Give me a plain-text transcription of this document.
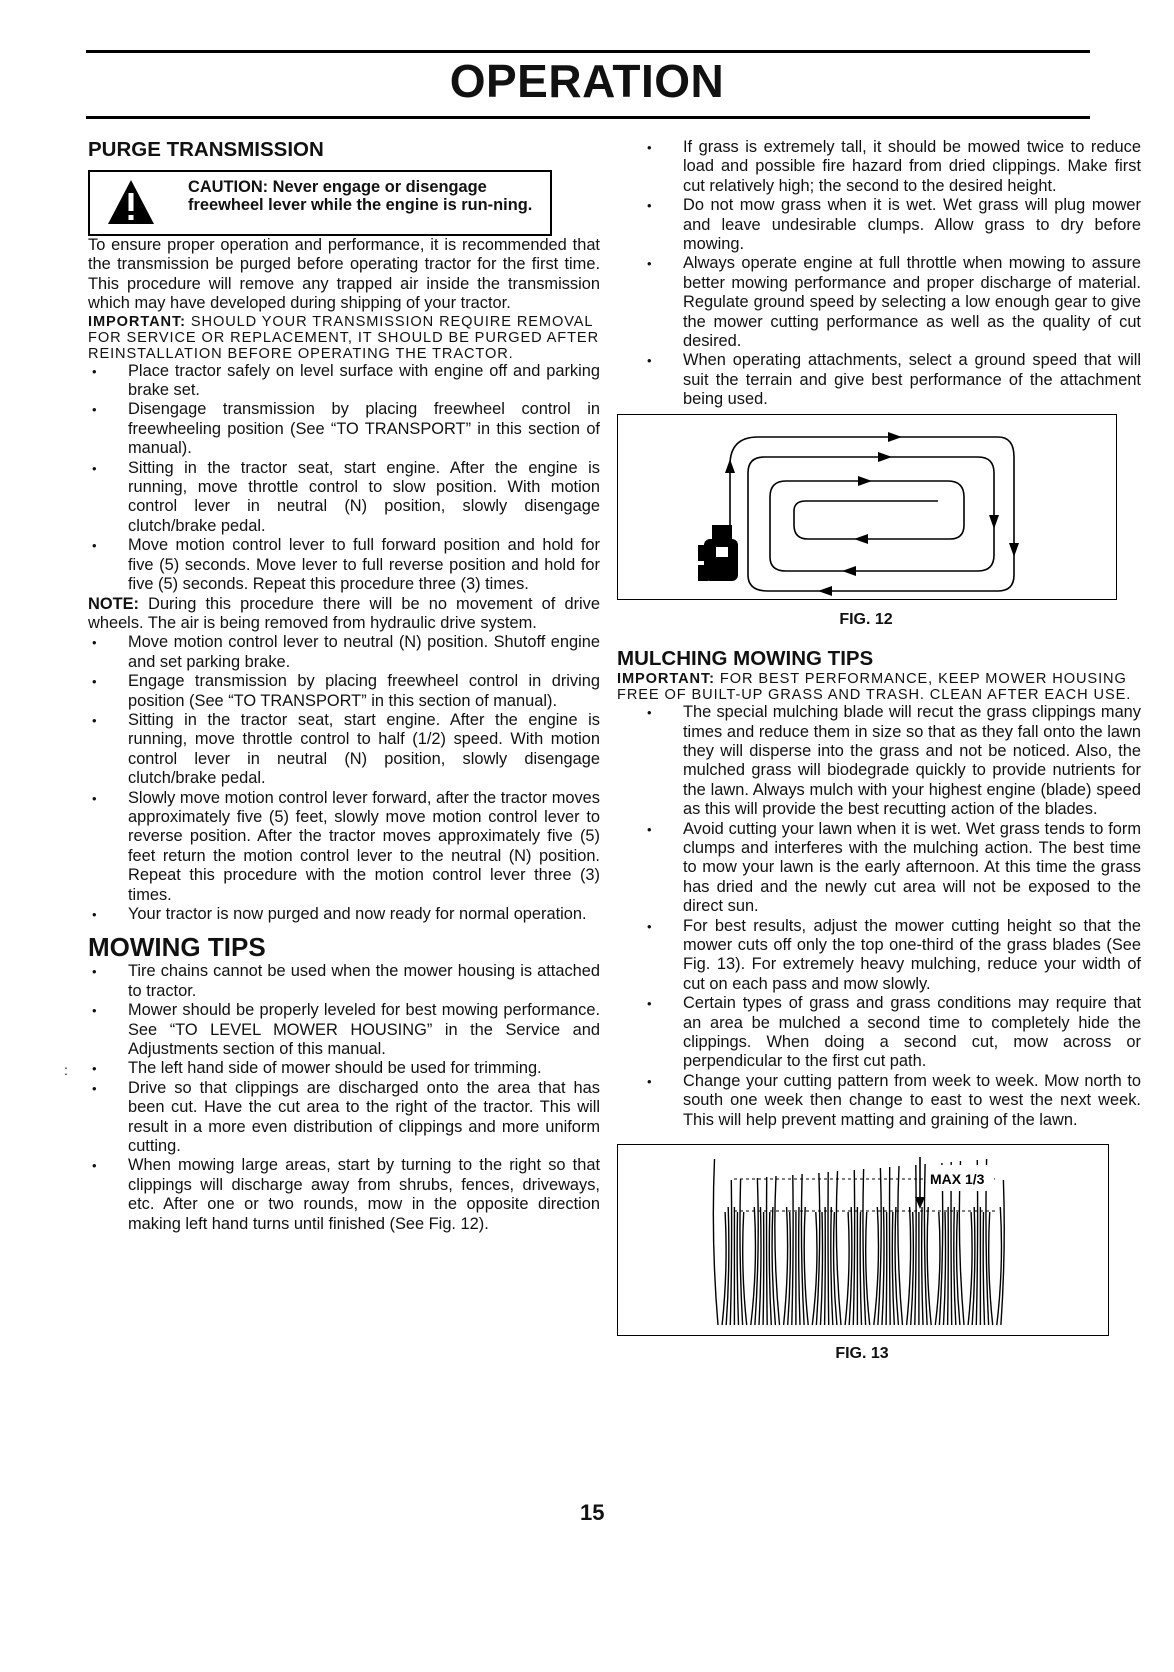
OPERATION
PURGE TRANSMISSION
CAUTION: Never engage or disengage freewheel lever while the engine is run-ning.

To ensure proper operation and performance, it is recommended that the transmission be purged before operating tractor for the first time. This procedure will remove any trapped air inside the transmission which may have developed during shipping of your tractor.

IMPORTANT: SHOULD YOUR TRANSMISSION REQUIRE REMOVAL FOR SERVICE OR REPLACEMENT, IT SHOULD BE PURGED AFTER REINSTALLATION BEFORE OPERATING THE TRACTOR.

• Place tractor safely on level surface with engine off and parking brake set.
• Disengage transmission by placing freewheel control in freewheeling position (See “TO TRANSPORT” in this section of manual).
• Sitting in the tractor seat, start engine. After the engine is running, move throttle control to slow position. With motion control lever in neutral (N) position, slowly disengage clutch/brake pedal.
• Move motion control lever to full forward position and hold for five (5) seconds. Move lever to full reverse position and hold for five (5) seconds. Repeat this procedure three (3) times.

NOTE: During this procedure there will be no movement of drive wheels. The air is being removed from hydraulic drive system.

• Move motion control lever to neutral (N) position. Shutoff engine and set parking brake.
• Engage transmission by placing freewheel control in driving position (See “TO TRANSPORT” in this section of manual).
• Sitting in the tractor seat, start engine. After the engine is running, move throttle control to half (1/2) speed. With motion control lever in neutral (N) position, slowly disengage clutch/brake pedal.
• Slowly move motion control lever forward, after the tractor moves approximately five (5) feet, slowly move motion control lever to reverse position. After the tractor moves approximately five (5) feet return the motion control lever to the neutral (N) position. Repeat this procedure with the motion control lever three (3) times.
• Your tractor is now purged and now ready for normal operation.
MOWING TIPS
• Tire chains cannot be used when the mower housing is attached to tractor.
• Mower should be properly leveled for best mowing performance. See “TO LEVEL MOWER HOUSING” in the Service and Adjustments section of this manual.
• The left hand side of mower should be used for trimming.
• Drive so that clippings are discharged onto the area that has been cut. Have the cut area to the right of the tractor. This will result in a more even distribution of clippings and more uniform cutting.
• When mowing large areas, start by turning to the right so that clippings will discharge away from shrubs, fences, driveways, etc. After one or two rounds, mow in the opposite direction making left hand turns until finished (See Fig. 12).
• If grass is extremely tall, it should be mowed twice to reduce load and possible fire hazard from dried clippings. Make first cut relatively high; the second to the desired height.
• Do not mow grass when it is wet. Wet grass will plug mower and leave undesirable clumps. Allow grass to dry before mowing.
• Always operate engine at full throttle when mowing to assure better mowing performance and proper discharge of material. Regulate ground speed by selecting a low enough gear to give the mower cutting performance as well as the quality of cut desired.
• When operating attachments, select a ground speed that will suit the terrain and give best performance of the attachment being used.
FIG. 12
MULCHING MOWING TIPS

IMPORTANT: FOR BEST PERFORMANCE, KEEP MOWER HOUSING FREE OF BUILT-UP GRASS AND TRASH. CLEAN AFTER EACH USE.

• The special mulching blade will recut the grass clippings many times and reduce them in size so that as they fall onto the lawn they will disperse into the grass and not be noticed. Also, the mulched grass will biodegrade quickly to provide nutrients for the lawn. Always mulch with your highest engine (blade) speed as this will provide the best recutting action of the blades.
• Avoid cutting your lawn when it is wet. Wet grass tends to form clumps and interferes with the mulching action. The best time to mow your lawn is the early afternoon. At this time the grass has dried and the newly cut area will not be exposed to the direct sun.
• For best results, adjust the mower cutting height so that the mower cuts off only the top one-third of the grass blades (See Fig. 13). For extremely heavy mulching, reduce your width of cut on each pass and mow slowly.
• Certain types of grass and grass conditions may require that an area be mulched a second time to completely hide the clippings. When doing a second cut, mow across or perpendicular to the first cut path.
• Change your cutting pattern from week to week. Mow north to south one week then change to east to west the next week. This will help prevent matting and graining of the lawn.
MAX 1/3
FIG. 13
:
15
